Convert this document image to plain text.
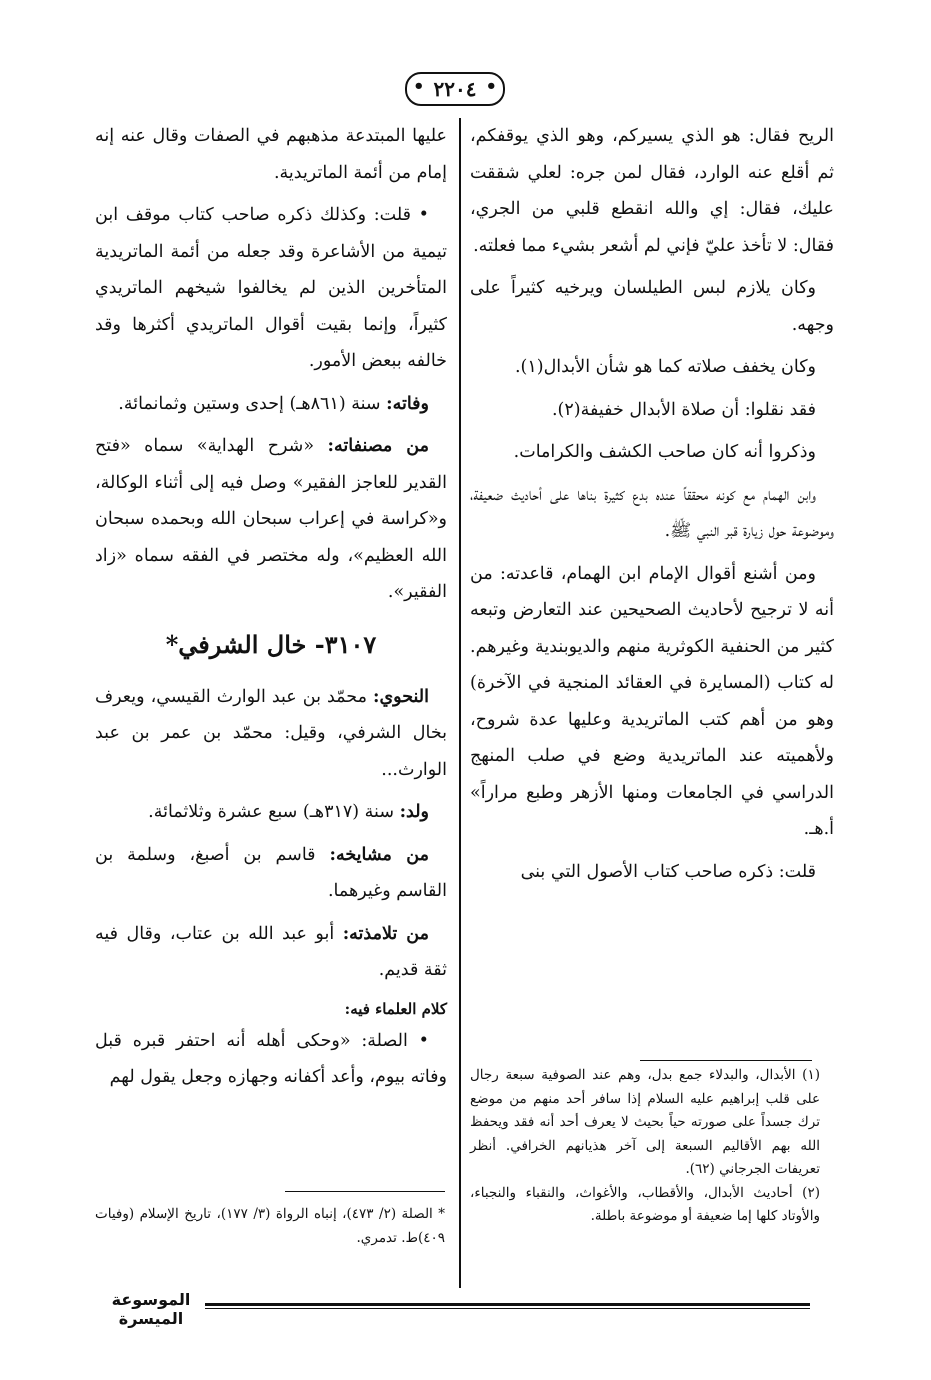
• ٢٢٠٤ •

الريح فقال: هو الذي يسيركم، وهو الذي يوقفكم، ثم أقلع عنه الوارد، فقال لمن جره: لعلي شققت عليك، فقال: إي والله انقطع قلبي من الجري، فقال: لا تأخذ عليّ فإني لم أشعر بشيء مما فعلته.

وكان يلازم لبس الطيلسان ويرخيه كثيراً على وجهه.

وكان يخفف صلاته كما هو شأن الأبدال(١).

فقد نقلوا: أن صلاة الأبدال خفيفة(٢).

وذكروا أنه كان صاحب الكشف والكرامات.

وابن الهمام مع كونه محققاً عنده بدع كثيرة بناها على أحاديث ضعيفة، وموضوعة حول زيارة قبر النبي ﷺ.

ومن أشنع أقوال الإمام ابن الهمام، قاعدته: من أنه لا ترجيح لأحاديث الصحيحين عند التعارض وتبعه كثير من الحنفية الكوثرية منهم والديوبندية وغيرهم. له كتاب (المسايرة في العقائد المنجية في الآخرة) وهو من أهم كتب الماتريدية وعليها عدة شروح، ولأهميته عند الماتريدية وضع في صلب المنهج الدراسي في الجامعات ومنها الأزهر وطبع مراراً» أ.هـ.

قلت: ذكره صاحب كتاب الأصول التي بنى

(١) الأبدال، والبدلاء جمع بدل، وهم عند الصوفية سبعة رجال على قلب إبراهيم عليه السلام إذا سافر أحد منهم من موضع ترك جسداً على صورته حياً بحيث لا يعرف أحد أنه فقد ويحفظ الله بهم الأقاليم السبعة إلى آخر هذيانهم الخرافي. أنظر تعريفات الجرجاني (٦٢).

(٢) أحاديث الأبدال، والأقطاب، والأغواث، والنقباء والنجباء، والأوتاد كلها إما ضعيفة أو موضوعة باطلة.

عليها المبتدعة مذهبهم في الصفات وقال عنه إنه إمام من أئمة الماتريدية.

• قلت: وكذلك ذكره صاحب كتاب موقف ابن تيمية من الأشاعرة وقد جعله من أئمة الماتريدية المتأخرين الذين لم يخالفوا شيخهم الماتريدي كثيراً، وإنما بقيت أقوال الماتريدي أكثرها وقد خالفه ببعض الأمور.

وفاته: سنة (٨٦١هـ) إحدى وستين وثمانمائة.

من مصنفاته: «شرح الهداية» سماه «فتح القدير للعاجز الفقير» وصل فيه إلى أثناء الوكالة، و«كراسة في إعراب سبحان الله وبحمده سبحان الله العظيم»، وله مختصر في الفقه سماه «زاد الفقير».

٣١٠٧- خال الشرفي*

النحوي: محمّد بن عبد الوارث القيسي، ويعرف بخال الشرفي، وقيل: محمّد بن عمر بن عبد الوارث...

ولد: سنة (٣١٧هـ) سبع عشرة وثلاثمائة.

من مشايخه: قاسم بن أصبغ، وسلمة بن القاسم وغيرهما.

من تلامذته: أبو عبد الله بن عتاب، وقال فيه ثقة قديم.

كلام العلماء فيه:

• الصلة: «وحكى أهله أنه احتفر قبره قبل وفاته بيوم، وأعد أكفانه وجهازه وجعل يقول لهم

* الصلة (٢/ ٤٧٣)، إنباه الرواة (٣/ ١٧٧)، تاريخ الإسلام (وفيات ٤٠٩)ط. تدمري.

الموسوعة الميسرة
